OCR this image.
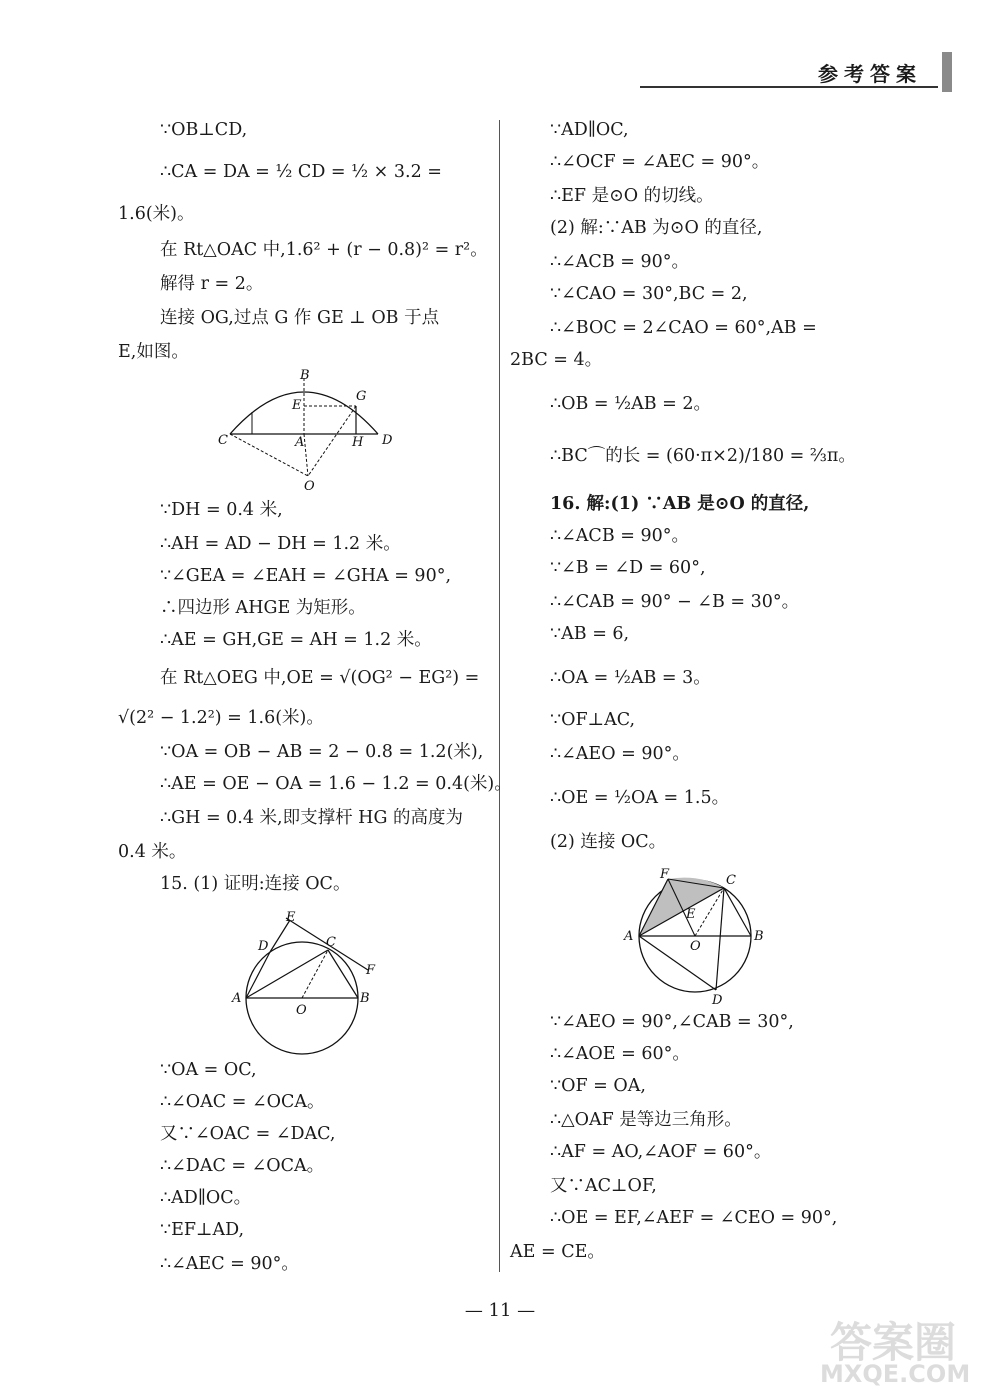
参考答案
∵OB⊥CD,
∴CA = DA = ½ CD = ½ × 3.2 =
1.6(米)。
在 Rt△OAC 中,1.6² + (r − 0.8)² = r²。
解得 r = 2。
连接 OG,过点 G 作 GE ⊥ OB 于点
E,如图。
B
G
E
C	A	H D
O
∵DH = 0.4 米,
∴AH = AD − DH = 1.2 米。
∵∠GEA = ∠EAH = ∠GHA = 90°,
∴四边形 AHGE 为矩形。
∴AE = GH,GE = AH = 1.2 米。
在 Rt△OEG 中,OE = √(OG² − EG²) =
√(2² − 1.2²) = 1.6(米)。
∵OA = OB − AB = 2 − 0.8 = 1.2(米),
∴AE = OE − OA = 1.6 − 1.2 = 0.4(米)。
∴GH = 0.4 米,即支撑杆 HG 的高度为
0.4 米。
15. (1) 证明:连接 OC。
E
D	C
F
A
O
B
∵OA = OC,
∴∠OAC = ∠OCA。
又∵∠OAC = ∠DAC,
∴∠DAC = ∠OCA。
∴AD∥OC。
∵EF⊥AD,
∴∠AEC = 90°。
∵AD∥OC,
∴∠OCF = ∠AEC = 90°。
∴EF 是⊙O 的切线。
(2) 解:∵AB 为⊙O 的直径,
∴∠ACB = 90°。
∵∠CAO = 30°,BC = 2,
∴∠BOC = 2∠CAO = 60°,AB =
2BC = 4。
∴OB = ½AB = 2。
∴BC⌒的长 = (60·π×2)/180 = ⅔π。
16. 解:(1) ∵AB 是⊙O 的直径,
∴∠ACB = 90°。
∵∠B = ∠D = 60°,
∴∠CAB = 90° − ∠B = 30°。
∵AB = 6,
∴OA = ½AB = 3。
∵OF⊥AC,
∴∠AEO = 90°。
∴OE = ½OA = 1.5。
(2) 连接 OC。
F	C
E
A
O
B
D
∵∠AEO = 90°,∠CAB = 30°,
∴∠AOE = 60°。
∵OF = OA,
∴△OAF 是等边三角形。
∴AF = AO,∠AOF = 60°。
又∵AC⊥OF,
∴OE = EF,∠AEF = ∠CEO = 90°,
AE = CE。
— 11 —
答案圈
MXQE.COM
